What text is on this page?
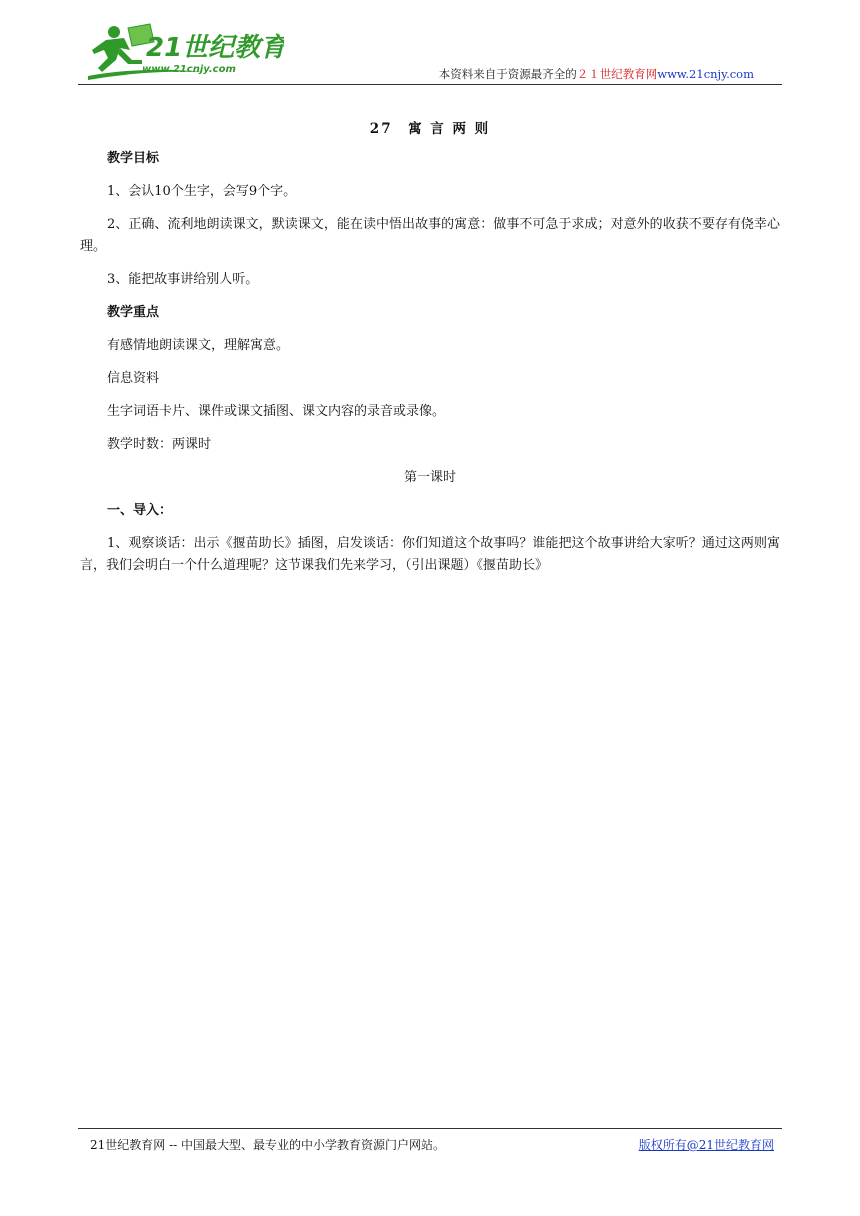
21世纪教育
www.21cnjy.com	本资料来自于资源最齐全的２１世纪教育网www.21cnjy.com

27　寓 言 两 则

教学目标

1、会认10个生字，会写9个字。

2、正确、流利地朗读课文，默读课文，能在读中悟出故事的寓意：做事不可急于求成；对意外的收获不要存有侥幸心理。

3、能把故事讲给别人听。

教学重点

有感情地朗读课文，理解寓意。

信息资料

生字词语卡片、课件或课文插图、课文内容的录音或录像。

教学时数：两课时

第一课时

一、导入：

1、观察谈话：出示《揠苗助长》插图，启发谈话：你们知道这个故事吗？谁能把这个故事讲给大家听？通过这两则寓言，我们会明白一个什么道理呢？这节课我们先来学习，（引出课题）《揠苗助长》

21世纪教育网 -- 中国最大型、最专业的中小学教育资源门户网站。	版权所有@21世纪教育网
